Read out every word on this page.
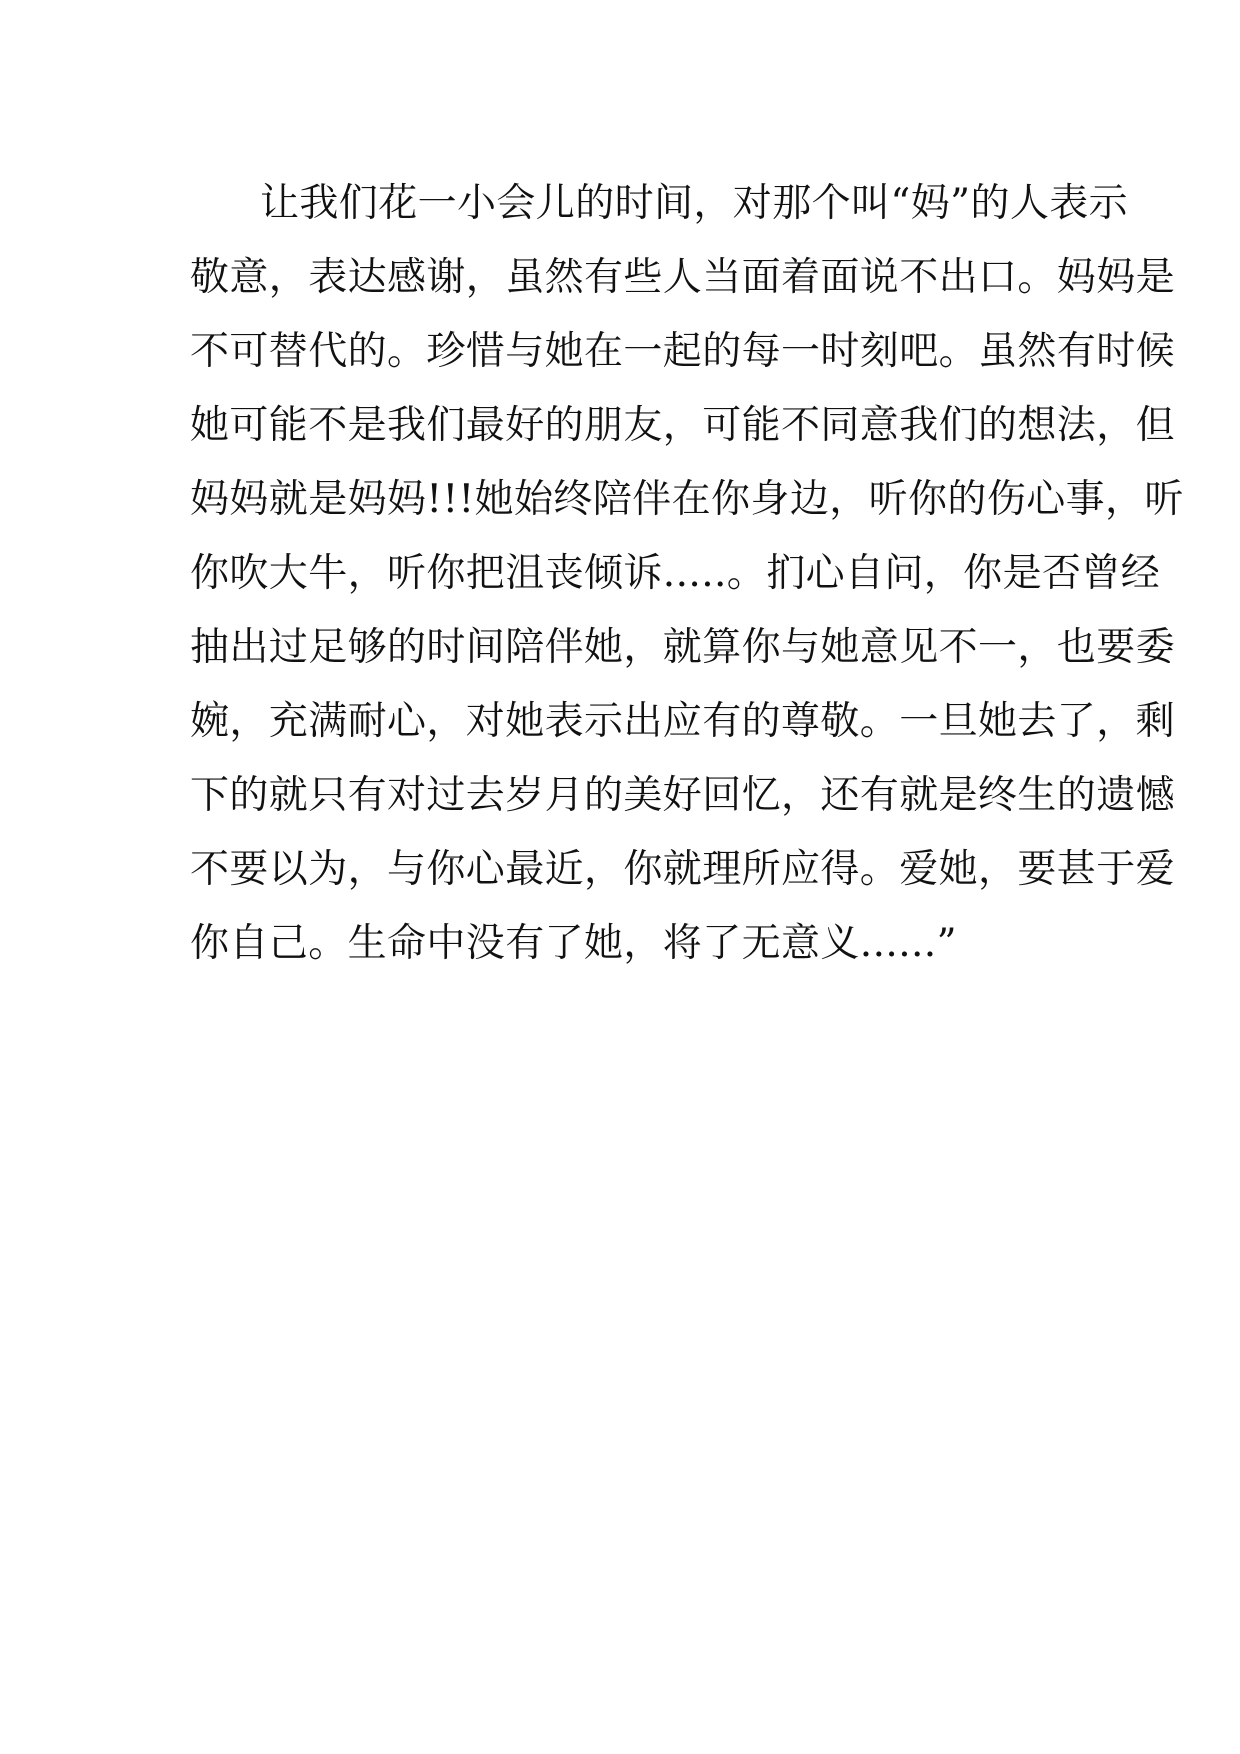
让我们花一小会儿的时间，对那个叫“妈”的人表示
敬意，表达感谢，虽然有些人当面着面说不出口。妈妈是
不可替代的。珍惜与她在一起的每一时刻吧。虽然有时候
她可能不是我们最好的朋友，可能不同意我们的想法，但
妈妈就是妈妈!!!她始终陪伴在你身边，听你的伤心事，听
你吹大牛，听你把沮丧倾诉.....。扪心自问，你是否曾经
抽出过足够的时间陪伴她，就算你与她意见不一，也要委
婉，充满耐心，对她表示出应有的尊敬。一旦她去了，剩
下的就只有对过去岁月的美好回忆，还有就是终生的遗憾
不要以为，与你心最近，你就理所应得。爱她，要甚于爱
你自己。生命中没有了她，将了无意义......”
